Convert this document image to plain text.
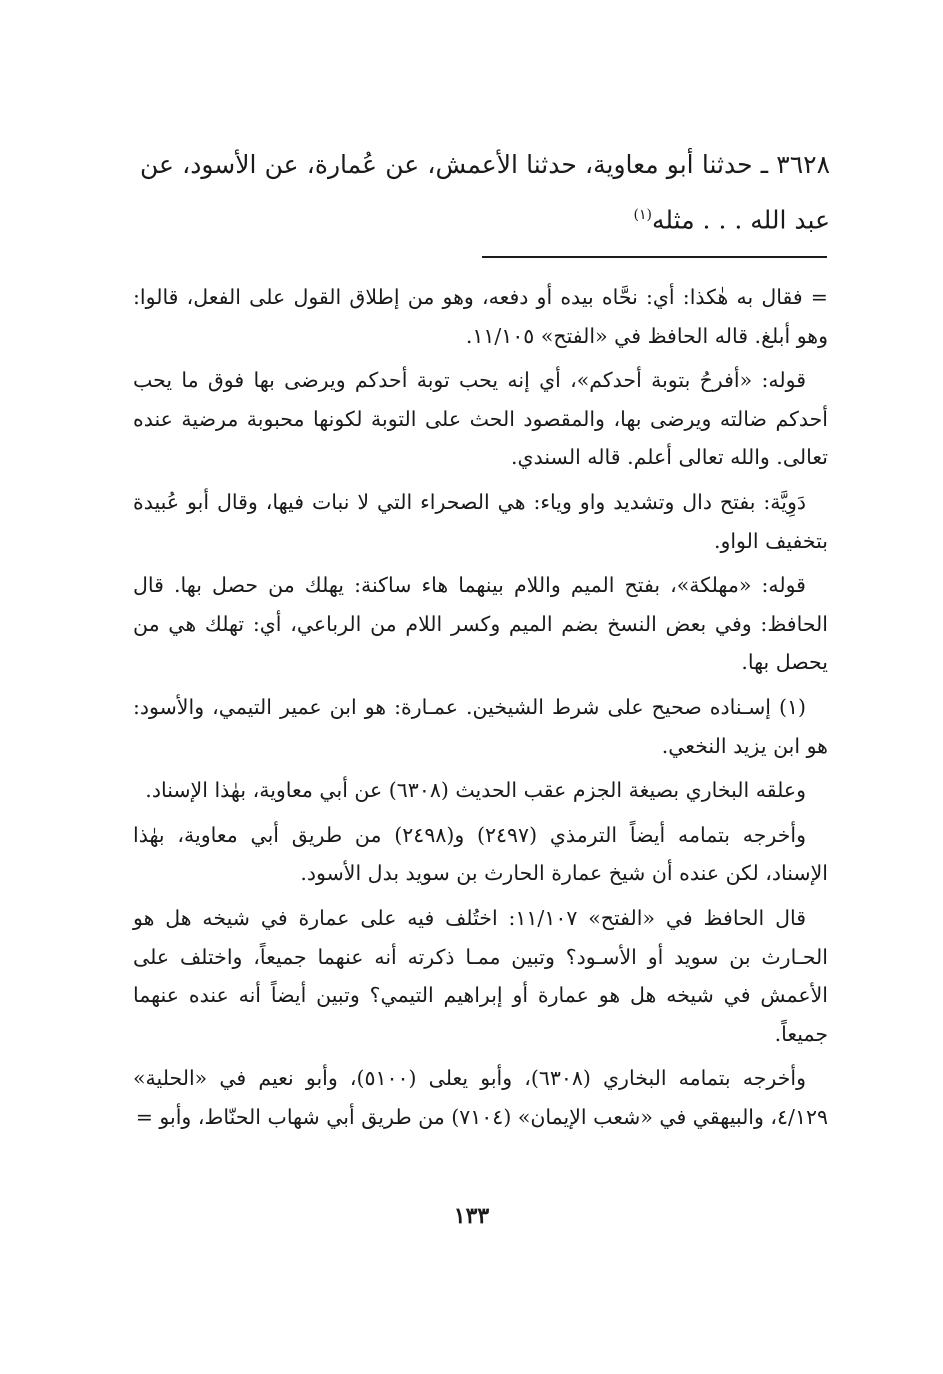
٣٦٢٨ ـ حدثنا أبو معاوية، حدثنا الأعمش، عن عُمارة، عن الأسود، عن عبد الله . . . مثله$^{(١)}$

= فقال به هٰكذا: أي: نحَّاه بيده أو دفعه، وهو من إطلاق القول على الفعل، قالوا: وهو أبلغ. قاله الحافظ في «الفتح» ١١/١٠٥.

قوله: «أفرحُ بتوبة أحدكم»، أي إنه يحب توبة أحدكم ويرضى بها فوق ما يحب أحدكم ضالته ويرضى بها، والمقصود الحث على التوبة لكونها محبوبة مرضية عنده تعالى. والله تعالى أعلم. قاله السندي.

دَوِيَّة: بفتح دال وتشديد واو وياء: هي الصحراء التي لا نبات فيها، وقال أبو عُبيدة بتخفيف الواو.

قوله: «مهلكة»، بفتح الميم واللام بينهما هاء ساكنة: يهلك من حصل بها. قال الحافظ: وفي بعض النسخ بضم الميم وكسر اللام من الرباعي، أي: تهلك هي من يحصل بها.

(١) إسـناده صحيح على شرط الشيخين. عمـارة: هو ابن عمير التيمي، والأسود: هو ابن يزيد النخعي.

وعلقه البخاري بصيغة الجزم عقب الحديث (٦٣٠٨) عن أبي معاوية، بهٰذا الإسناد.

وأخرجه بتمامه أيضاً الترمذي (٢٤٩٧) و(٢٤٩٨) من طريق أبي معاوية، بهٰذا الإسناد، لكن عنده أن شيخ عمارة الحارث بن سويد بدل الأسود.

قال الحافظ في «الفتح» ١١/١٠٧: اختُلف فيه على عمارة في شيخه هل هو الحـارث بن سويد أو الأسـود؟ وتبين ممـا ذكرته أنه عنهما جميعاً، واختلف على الأعمش في شيخه هل هو عمارة أو إبراهيم التيمي؟ وتبين أيضاً أنه عنده عنهما جميعاً.

وأخرجه بتمامه البخاري (٦٣٠٨)، وأبو يعلى (٥١٠٠)، وأبو نعيم في «الحلية» ٤/١٢٩، والبيهقي في «شعب الإيمان» (٧١٠٤) من طريق أبي شهاب الحنّاط، وأبو =

١٣٣
